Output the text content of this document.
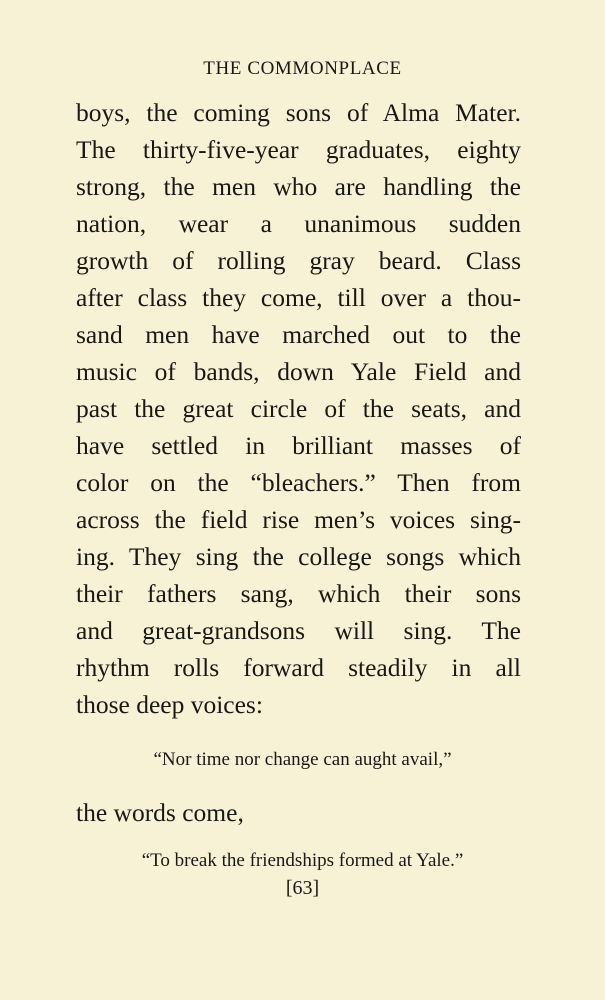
THE COMMONPLACE
boys, the coming sons of Alma Mater.
The thirty-five-year graduates, eighty
strong, the men who are handling the
nation, wear a unanimous sudden
growth of rolling gray beard. Class
after class they come, till over a thou-
sand men have marched out to the
music of bands, down Yale Field and
past the great circle of the seats, and
have settled in brilliant masses of
color on the “bleachers.” Then from
across the field rise men’s voices sing-
ing. They sing the college songs which
their fathers sang, which their sons
and great-grandsons will sing. The
rhythm rolls forward steadily in all
those deep voices:
“Nor time nor change can aught avail,”
the words come,
“To break the friendships formed at Yale.”
[63]
